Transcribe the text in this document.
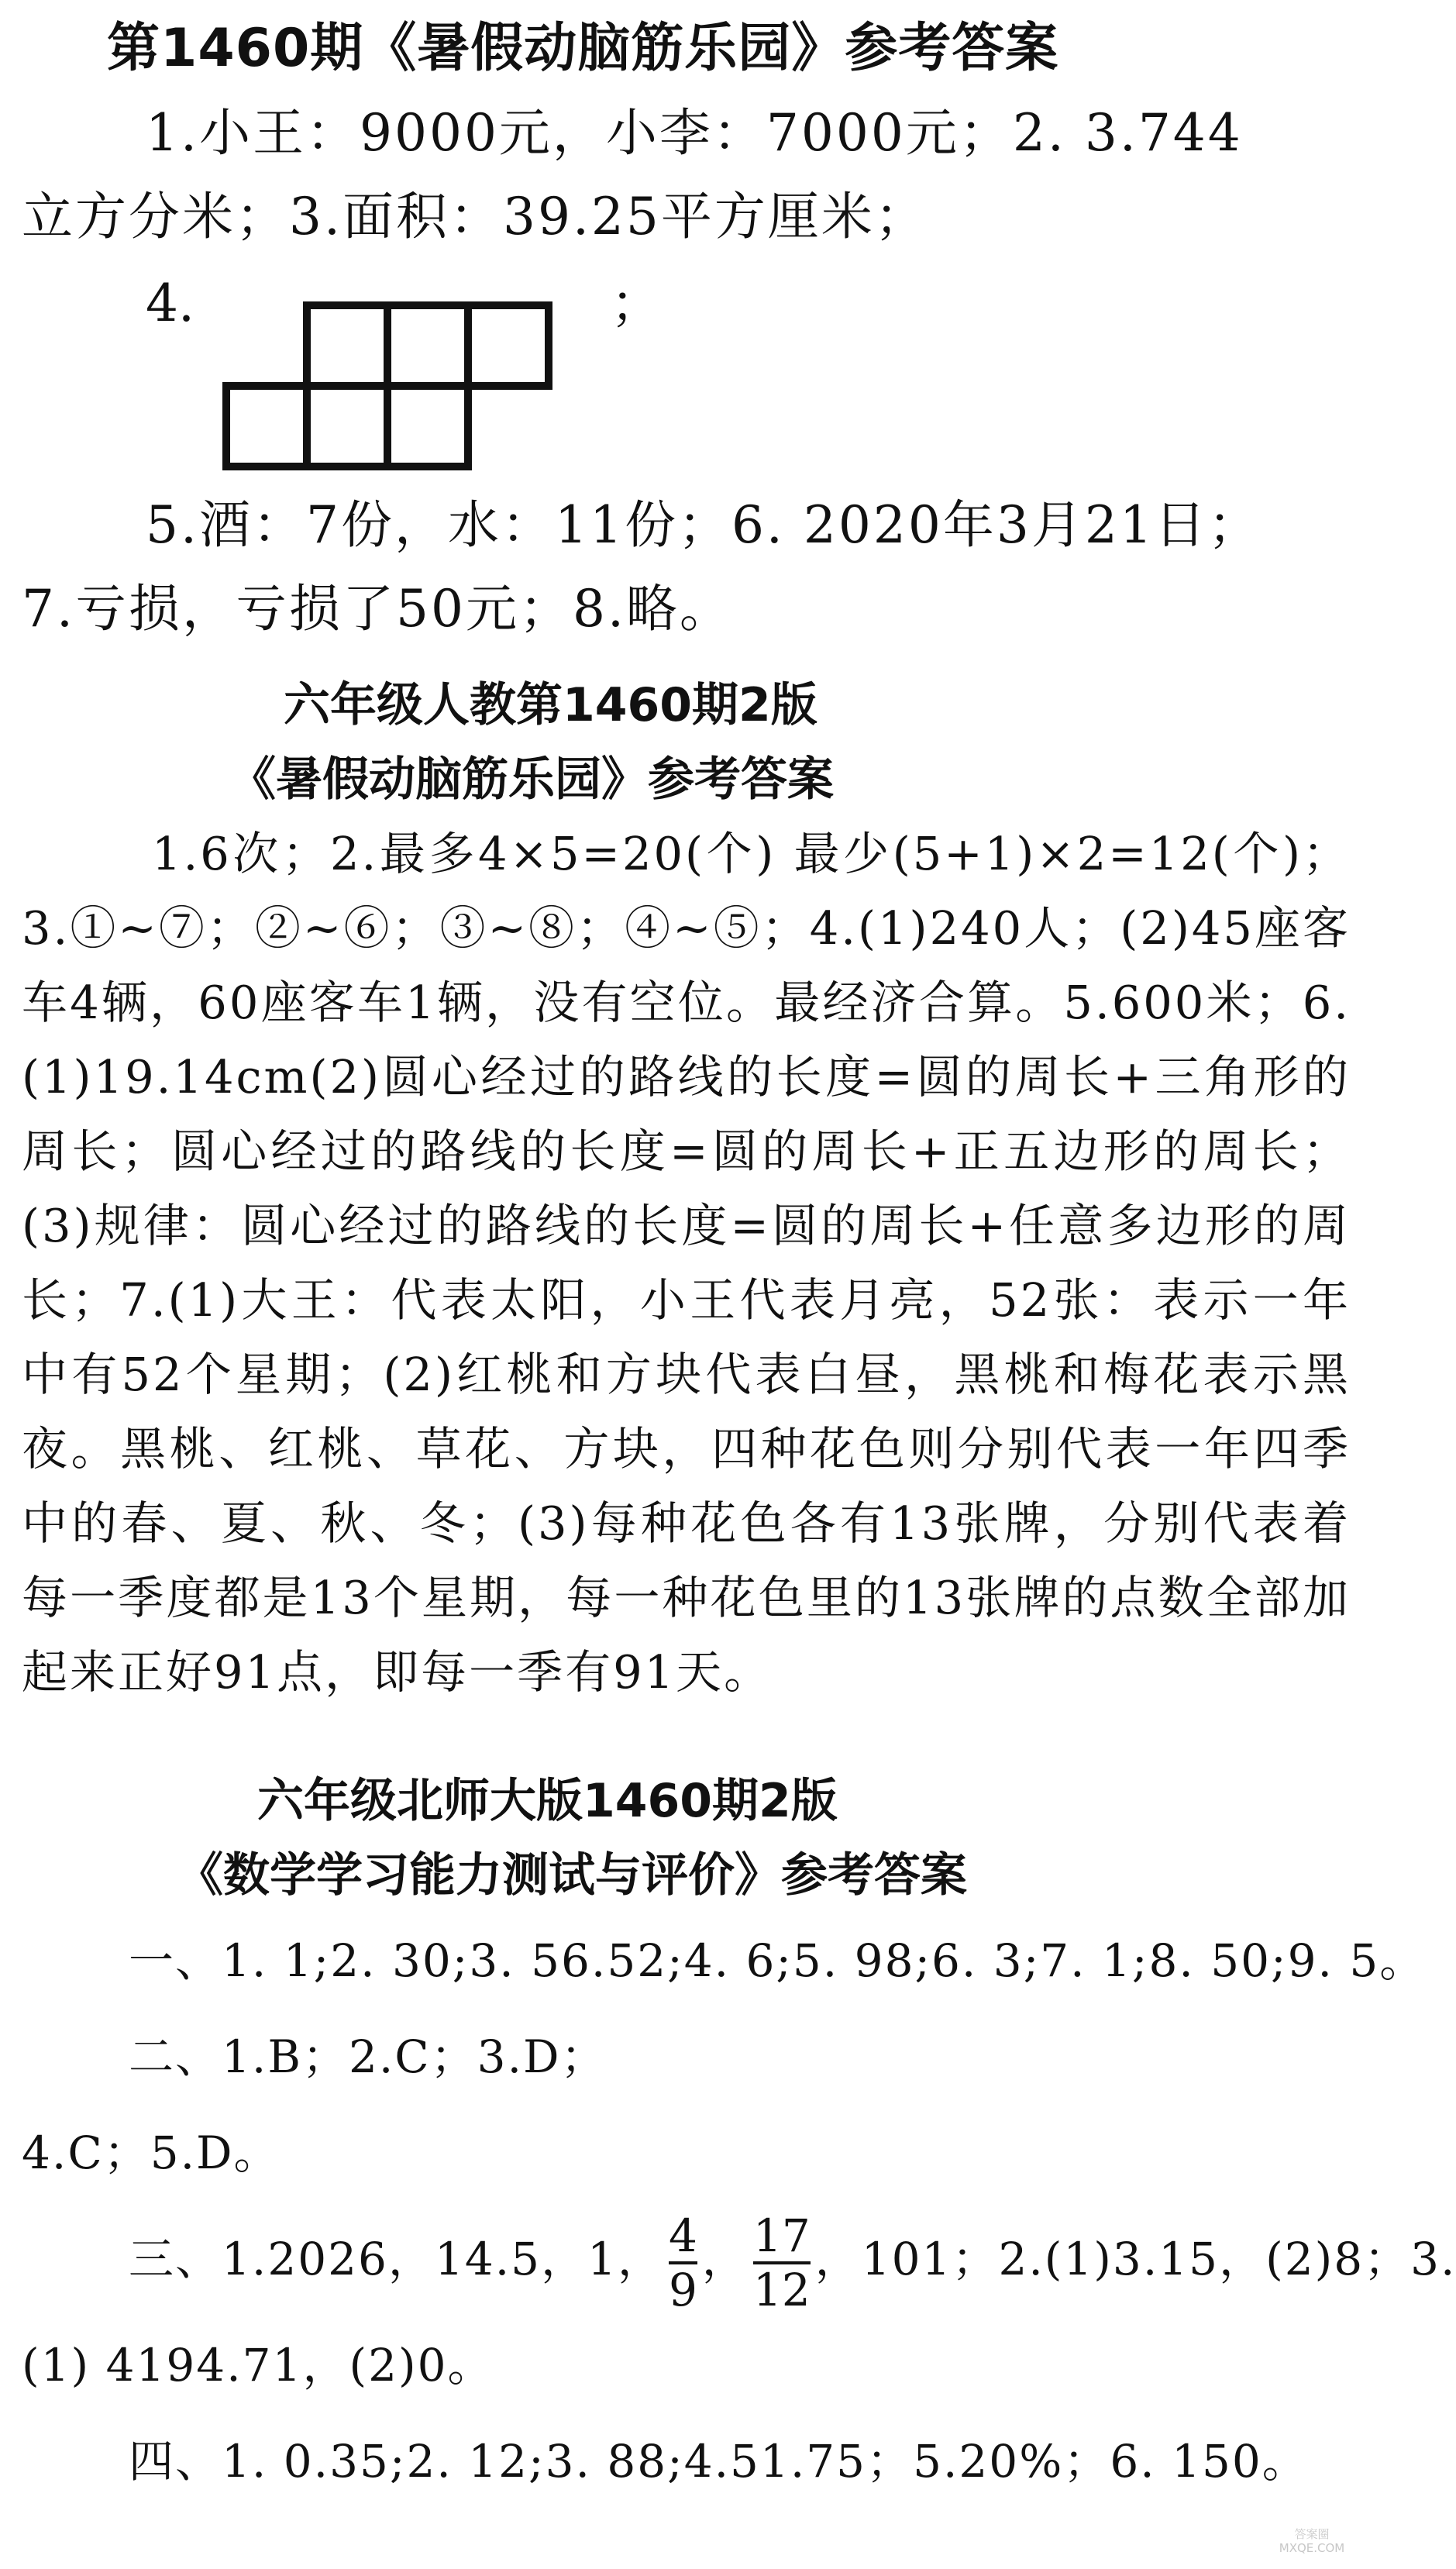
第1460期《暑假动脑筋乐园》参考答案

1.小王：9000元，小李：7000元；2. 3.744

立方分米；3.面积：39.25平方厘米；

4.	；

5.酒：7份，水：11份；6. 2020年3月21日；

7.亏损，亏损了50元；8.略。

六年级人教第1460期2版
《暑假动脑筋乐园》参考答案

1.6次；2.最多4×5=20(个) 最少(5+1)×2=12(个)；3.①~⑦；②~⑥；③~⑧；④~⑤；4.(1)240人；(2)45座客车4辆，60座客车1辆，没有空位。最经济合算。5.600米；6.(1)19.14cm(2)圆心经过的路线的长度=圆的周长+三角形的周长；圆心经过的路线的长度=圆的周长+正五边形的周长；(3)规律：圆心经过的路线的长度=圆的周长+任意多边形的周长；7.(1)大王：代表太阳，小王代表月亮，52张：表示一年中有52个星期；(2)红桃和方块代表白昼，黑桃和梅花表示黑夜。黑桃、红桃、草花、方块，四种花色则分别代表一年四季中的春、夏、秋、冬；(3)每种花色各有13张牌，分别代表着每一季度都是13个星期，每一种花色里的13张牌的点数全部加起来正好91点，即每一季有91天。

六年级北师大版1460期2版
《数学学习能力测试与评价》参考答案

一、1. 1;2. 30;3. 56.52;4. 6;5. 98;6. 3;7. 1;8. 50;9. 5。

二、1.B；2.C；3.D；

4.C；5.D。

三、1.2026，14.5，1， $\frac{4}{9}$ ， $\frac{17}{12}$ ，101；2.(1)3.15，(2)8；3.

(1) 4194.71，(2)0。

四、1. 0.35;2. 12;3. 88;4.51.75；5.20%；6. 150。

答案圈
MXQE.COM
